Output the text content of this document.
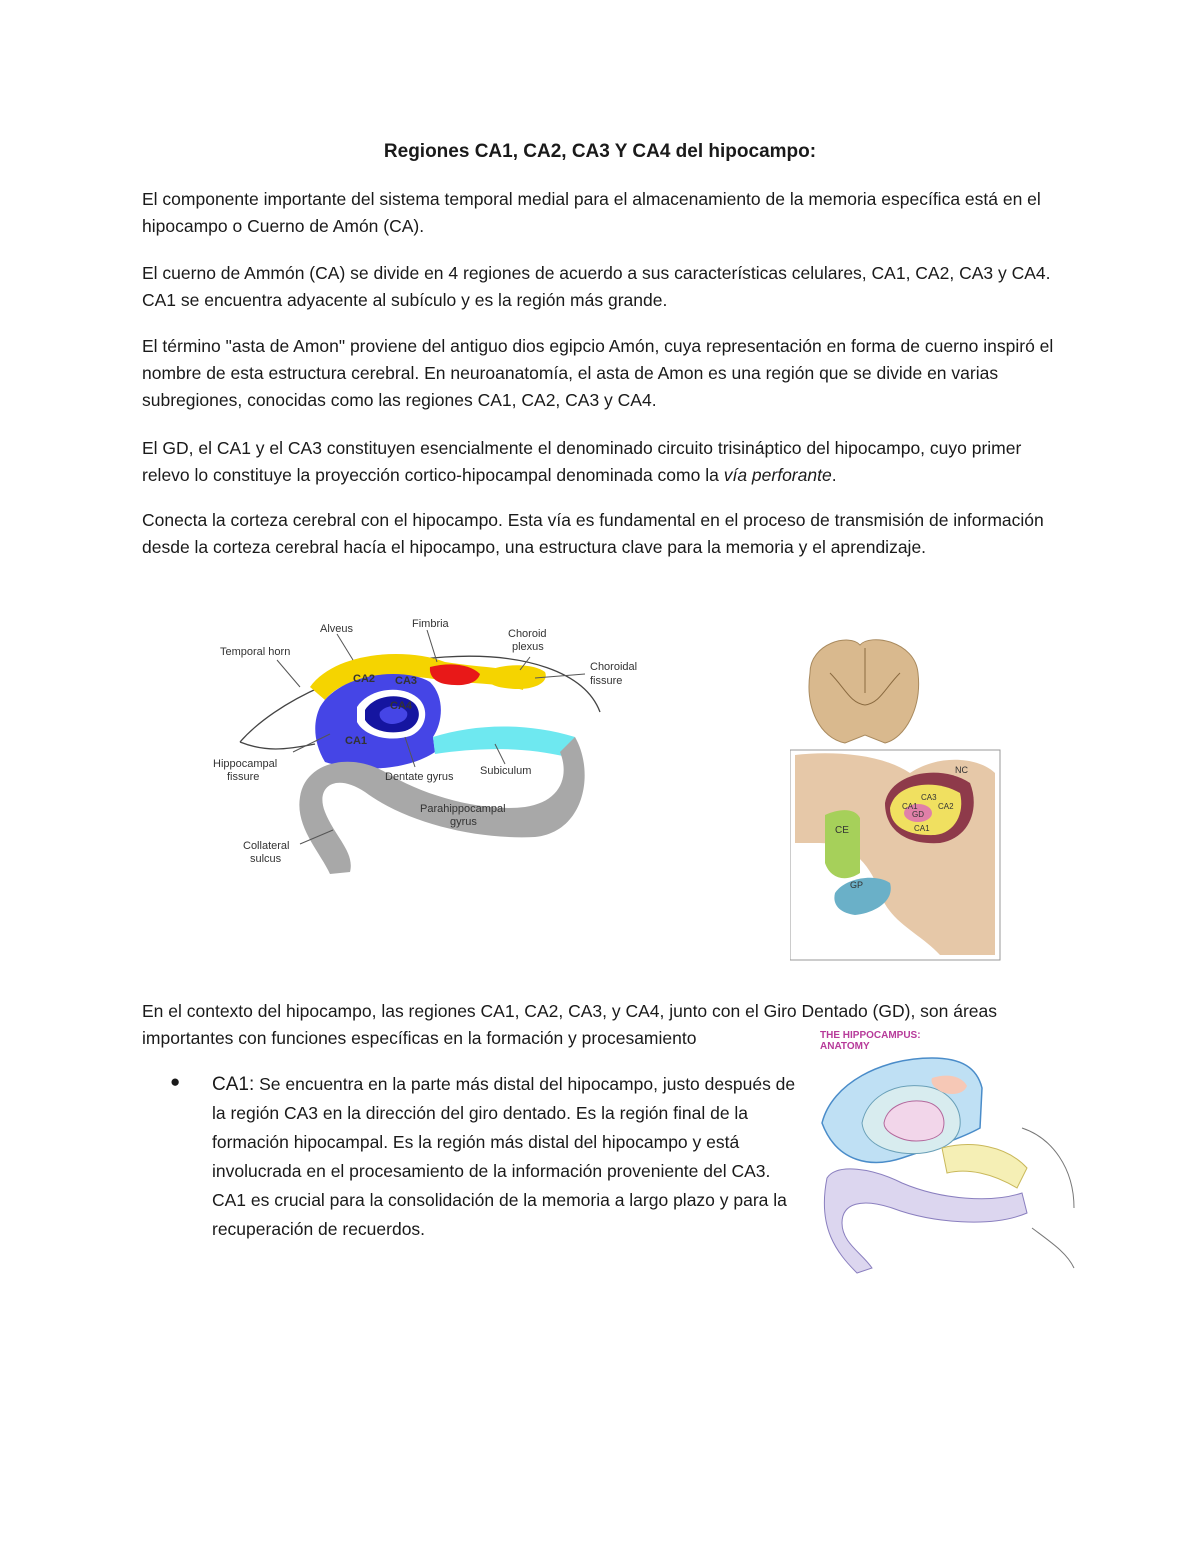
Regiones CA1, CA2, CA3 Y CA4 del hipocampo:

El componente importante del sistema temporal medial para el almacenamiento de la memoria específica está en el hipocampo o Cuerno de Amón (CA).

El cuerno de Ammón (CA) se divide en 4 regiones de acuerdo a sus características celulares, CA1, CA2, CA3 y CA4. CA1 se encuentra adyacente al subículo y es la región más grande.

El término "asta de Amon" proviene del antiguo dios egipcio Amón, cuya representación en forma de cuerno inspiró el nombre de esta estructura cerebral. En neuroanatomía, el asta de Amon es una región que se divide en varias subregiones, conocidas como las regiones CA1, CA2, CA3 y CA4.

El GD, el CA1 y el CA3 constituyen esencialmente el denominado circuito trisináptico del hipocampo, cuyo primer relevo lo constituye la proyección cortico-hipocampal denominada como la vía perforante.

Conecta la corteza cerebral con el hipocampo. Esta vía es fundamental en el proceso de transmisión de información desde la corteza cerebral hacía el hipocampo, una estructura clave para la memoria y el aprendizaje.

Alveus	Fimbria
Choroid
plexus
Temporal horn
Choroidal
fissure
CA2 CA3
CA4
CA1
Hippocampal
fissure	Dentate gyrus Subiculum
Parahippocampal
gyrus
Collateral
sulcus
NC
CA3
CA1	CA2
GD
CA1
CE
GP

En el contexto del hipocampo, las regiones CA1, CA2, CA3, y CA4, junto con el Giro Dentado (GD), son áreas importantes con funciones específicas en la formación y procesamiento	THE HIPPOCAMPUS:
ANATOMY
● CA1: Se encuentra en la parte más distal del hipocampo, justo después de la región CA3 en la dirección del giro dentado. Es la región final de la formación hipocampal. Es la región más distal del hipocampo y está involucrada en el procesamiento de la información proveniente del CA3. CA1 es crucial para la consolidación de la memoria a largo plazo y para la recuperación de recuerdos.
